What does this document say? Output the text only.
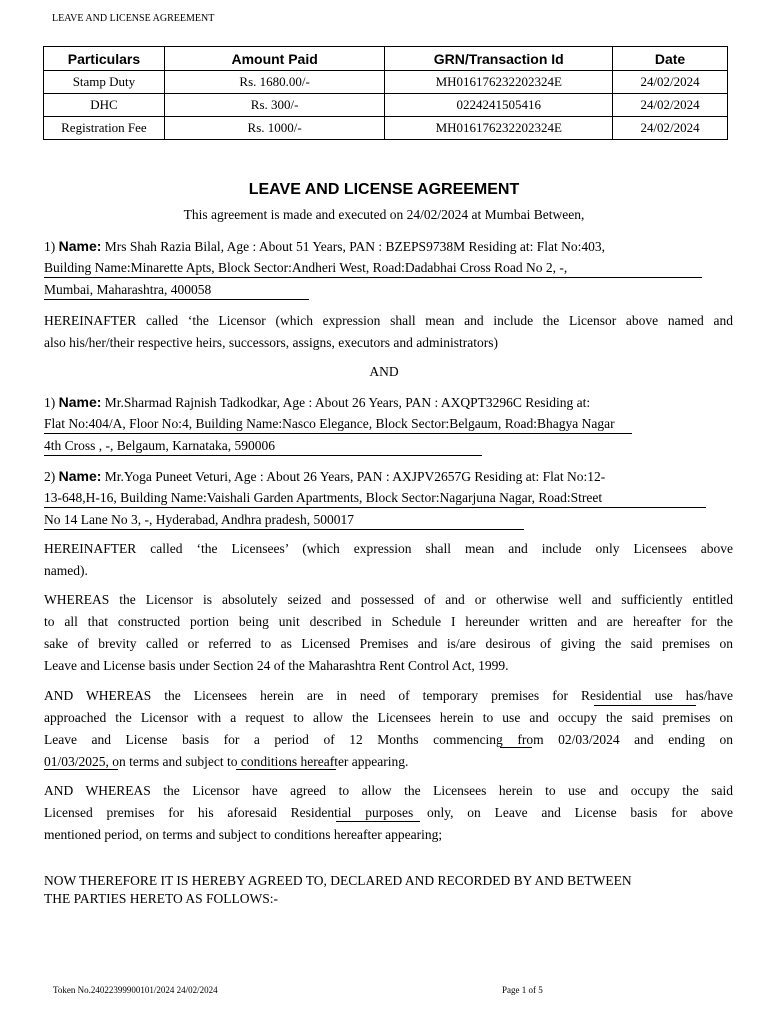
LEAVE AND LICENSE AGREEMENT
Particulars	Amount Paid	GRN/Transaction Id	Date
Stamp Duty	Rs. 1680.00/-	MH016176232202324E	24/02/2024
DHC	Rs. 300/-	0224241505416	24/02/2024
Registration Fee	Rs. 1000/-	MH016176232202324E	24/02/2024
LEAVE AND LICENSE AGREEMENT
This agreement is made and executed on 24/02/2024 at Mumbai Between,
1) Name: Mrs Shah Razia Bilal, Age : About 51 Years, PAN : BZEPS9738M Residing at: Flat No:403,
Building Name:Minarette Apts, Block Sector:Andheri West, Road:Dadabhai Cross Road No 2, -,
Mumbai, Maharashtra, 400058
HEREINAFTER called ‘the Licensor (which expression shall mean and include the Licensor above named and
also his/her/their respective heirs, successors, assigns, executors and administrators)
AND
1) Name: Mr.Sharmad Rajnish Tadkodkar, Age : About 26 Years, PAN : AXQPT3296C Residing at:
Flat No:404/A, Floor No:4, Building Name:Nasco Elegance, Block Sector:Belgaum, Road:Bhagya Nagar
4th Cross , -, Belgaum, Karnataka, 590006
2) Name: Mr.Yoga Puneet Veturi, Age : About 26 Years, PAN : AXJPV2657G Residing at: Flat No:12-
13-648,H-16, Building Name:Vaishali Garden Apartments, Block Sector:Nagarjuna Nagar, Road:Street
No 14 Lane No 3, -, Hyderabad, Andhra pradesh, 500017
HEREINAFTER called ‘the Licensees’ (which expression shall mean and include only Licensees above
named).
WHEREAS the Licensor is absolutely seized and possessed of and or otherwise well and sufficiently entitled
to all that constructed portion being unit described in Schedule I hereunder written and are hereafter for the
sake of brevity called or referred to as Licensed Premises and is/are desirous of giving the said premises on
Leave and License basis under Section 24 of the Maharashtra Rent Control Act, 1999.
AND WHEREAS the Licensees herein are in need of temporary premises for Residential use has/have
approached the Licensor with a request to allow the Licensees herein to use and occupy the said premises on
Leave and License basis for a period of 12 Months commencing from 02/03/2024 and ending on
01/03/2025, on terms and subject to conditions hereafter appearing.
AND WHEREAS the Licensor have agreed to allow the Licensees herein to use and occupy the said
Licensed premises for his aforesaid Residential purposes only, on Leave and License basis for above
mentioned period, on terms and subject to conditions hereafter appearing;
NOW THEREFORE IT IS HEREBY AGREED TO, DECLARED AND RECORDED BY AND BETWEEN
THE PARTIES HERETO AS FOLLOWS:-
Token No.24022399900101/2024 24/02/2024	Page 1 of 5
